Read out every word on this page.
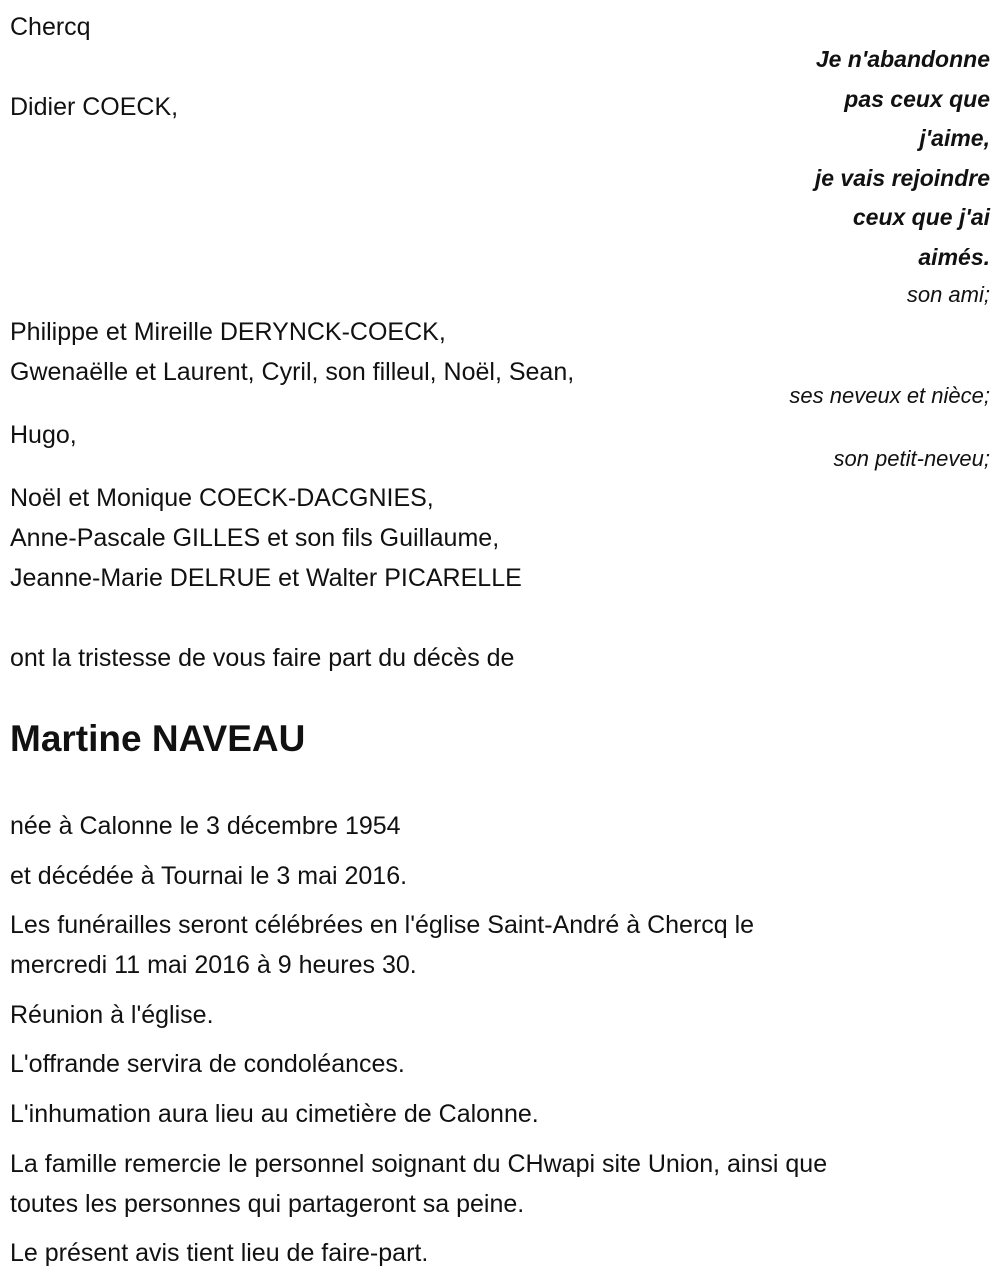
Chercq
Je n'abandonne
pas ceux que
j'aime,
je vais rejoindre
ceux que j'ai
aimés.
Didier COECK,
son ami;
Philippe et Mireille DERYNCK-COECK,
Gwenaëlle et Laurent, Cyril, son filleul, Noël, Sean,
ses neveux et nièce;
Hugo,
son petit-neveu;
Noël et Monique COECK-DACGNIES,
Anne-Pascale GILLES et son fils Guillaume,
Jeanne-Marie DELRUE et Walter PICARELLE
ont la tristesse de vous faire part du décès de
Martine NAVEAU
née à Calonne le 3 décembre 1954
et décédée à Tournai le 3 mai 2016.
Les funérailles seront célébrées en l'église Saint-André à Chercq le
mercredi 11 mai 2016 à 9 heures 30.
Réunion à l'église.
L'offrande servira de condoléances.
L'inhumation aura lieu au cimetière de Calonne.
La famille remercie le personnel soignant du CHwapi site Union, ainsi que
toutes les personnes qui partageront sa peine.
Le présent avis tient lieu de faire-part.
